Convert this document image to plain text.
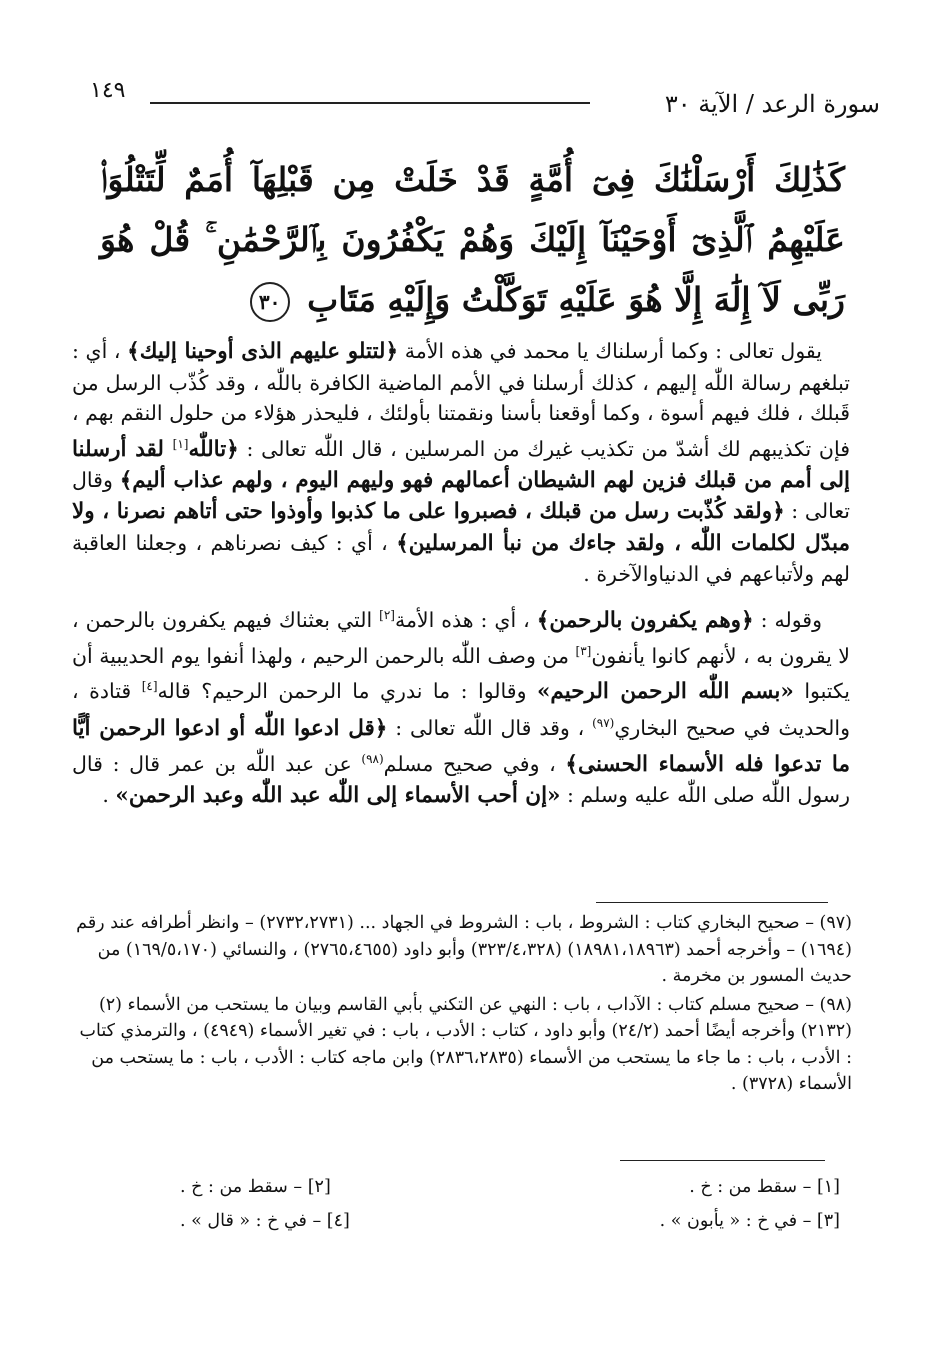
١٤٩	سورة الرعد / الآية ٣٠
كَذَٰلِكَ أَرْسَلْنَٰكَ فِىٓ أُمَّةٍ قَدْ خَلَتْ مِن قَبْلِهَآ أُمَمٌ لِّتَتْلُوَا۟ عَلَيْهِمُ ٱلَّذِىٓ أَوْحَيْنَآ إِلَيْكَ وَهُمْ يَكْفُرُونَ بِٱلرَّحْمَٰنِ ۚ قُلْ هُوَ رَبِّى لَآ إِلَٰهَ إِلَّا هُوَ عَلَيْهِ تَوَكَّلْتُ وَإِلَيْهِ مَتَابِ ٣٠

يقول تعالى : وكما أرسلناك يا محمد في هذه الأمة ﴿لتتلو عليهم الذى أوحينا إليك﴾ ، أي : تبلغهم رسالة اللّٰه إليهم ، كذلك أرسلنا في الأمم الماضية الكافرة باللّٰه ، وقد كُذّب الرسل من قَبلك ، فلك فيهم أسوة ، وكما أوقعنا بأسنا ونقمتنا بأولئك ، فليحذر هؤلاء من حلول النقم بهم ، فإن تكذيبهم لك أشدّ من تكذيب غيرك من المرسلين ، قال اللّٰه تعالى : ﴿تاللّٰه[١] لقد أرسلنا إلى أمم من قبلك فزين لهم الشيطان أعمالهم فهو وليهم اليوم ، ولهم عذاب أليم﴾ وقال تعالى : ﴿ولقد كُذّبت رسل من قبلك ، فصبروا على ما كذبوا وأوذوا حتى أتاهم نصرنا ، ولا مبدّل لكلمات اللّٰه ، ولقد جاءك من نبأ المرسلين﴾ ، أي : كيف نصرناهم ، وجعلنا العاقبة لهم ولأتباعهم في الدنياوالآخرة .

وقوله : ﴿وهم يكفرون بالرحمن﴾ ، أي : هذه الأمة[٢] التي بعثناك فيهم يكفرون بالرحمن ، لا يقرون به ، لأنهم كانوا يأنفون[٣] من وصف اللّٰه بالرحمن الرحيم ، ولهذا أنفوا يوم الحديبية أن يكتبوا «بسم اللّٰه الرحمن الرحيم» وقالوا : ما ندري ما الرحمن الرحيم؟ قاله[٤] قتادة ، والحديث في صحيح البخاري$^{(٩٧)}$ ، وقد قال اللّٰه تعالى : ﴿قل ادعوا اللّٰه أو ادعوا الرحمن أيًّا ما تدعوا فله الأسماء الحسنى﴾ ، وفي صحيح مسلم$^{(٩٨)}$ عن عبد اللّٰه بن عمر قال : قال رسول اللّٰه صلى اللّٰه عليه وسلم : «إن أحب الأسماء إلى اللّٰه عبد اللّٰه وعبد الرحمن» .

(٩٧) – صحيح البخاري كتاب : الشروط ، باب : الشروط في الجهاد ... (٢٧٣٢،٢٧٣١) – وانظر أطرافه عند رقم (١٦٩٤) – وأخرجه أحمد (١٨٩٨١،١٨٩٦٣) (٣٢٣/٤،٣٢٨) وأبو داود (٢٧٦٥،٤٦٥٥) ، والنسائي (١٦٩/٥،١٧٠) من حديث المسور بن مخرمة .
(٩٨) – صحيح مسلم كتاب : الآداب ، باب : النهي عن التكني بأبي القاسم وبيان ما يستحب من الأسماء (٢) (٢١٣٢) وأخرجه أيضًا أحمد (٢٤/٢) وأبو داود ، كتاب : الأدب ، باب : في تغير الأسماء (٤٩٤٩) ، والترمذي كتاب : الأدب ، باب : ما جاء ما يستحب من الأسماء (٢٨٣٦،٢٨٣٥) وابن ماجه كتاب : الأدب ، باب : ما يستحب من الأسماء (٣٧٢٨) .
[١] – سقط من : خ .
[٢] – سقط من : خ .
[٣] – في خ : « يأبون » .
[٤] – في خ : « قال » .
